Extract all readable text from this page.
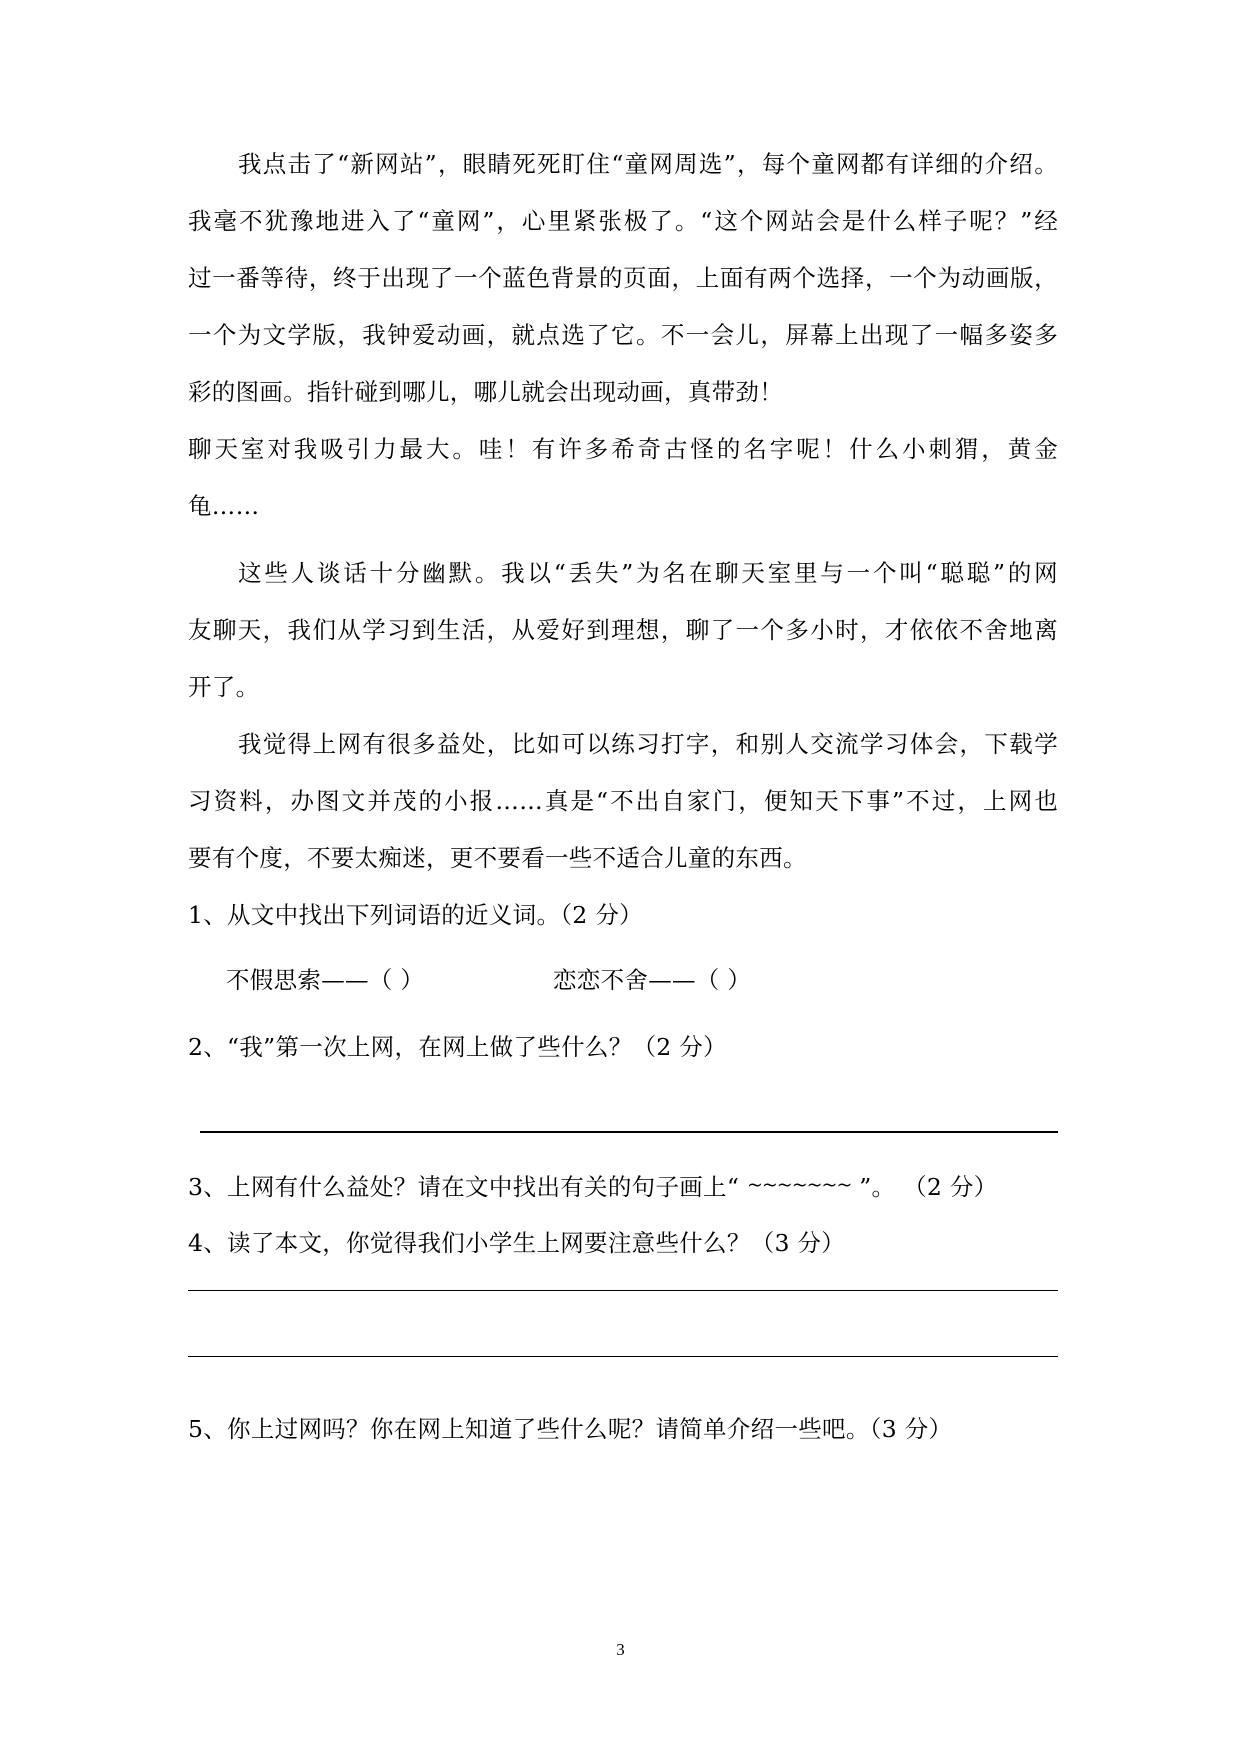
我点击了“新网站”，眼睛死死盯住“童网周选”，每个童网都有详细的介绍。
我毫不犹豫地进入了“童网”，心里紧张极了。“这个网站会是什么样子呢？”经
过一番等待，终于出现了一个蓝色背景的页面，上面有两个选择，一个为动画版，
一个为文学版，我钟爱动画，就点选了它。不一会儿，屏幕上出现了一幅多姿多
彩的图画。指针碰到哪儿，哪儿就会出现动画，真带劲！
聊天室对我吸引力最大。哇！有许多希奇古怪的名字呢！什么小刺猬，黄金
龟……
这些人谈话十分幽默。我以“丢失”为名在聊天室里与一个叫“聪聪”的网
友聊天，我们从学习到生活，从爱好到理想，聊了一个多小时，才依依不舍地离
开了。
我觉得上网有很多益处，比如可以练习打字，和别人交流学习体会，下载学
习资料，办图文并茂的小报……真是“不出自家门，便知天下事”不过，上网也
要有个度，不要太痴迷，更不要看一些不适合儿童的东西。
1、从文中找出下列词语的近义词。（2 分）
不假思索——（ ）	恋恋不舍——（ ）
2、“我”第一次上网，在网上做了些什么？（2 分）
3、上网有什么益处？请在文中找出有关的句子画上“ ~~~~~~~ ”。 （2 分）
4、读了本文，你觉得我们小学生上网要注意些什么？（3 分）
5、你上过网吗？你在网上知道了些什么呢？请简单介绍一些吧。（3 分）
3
